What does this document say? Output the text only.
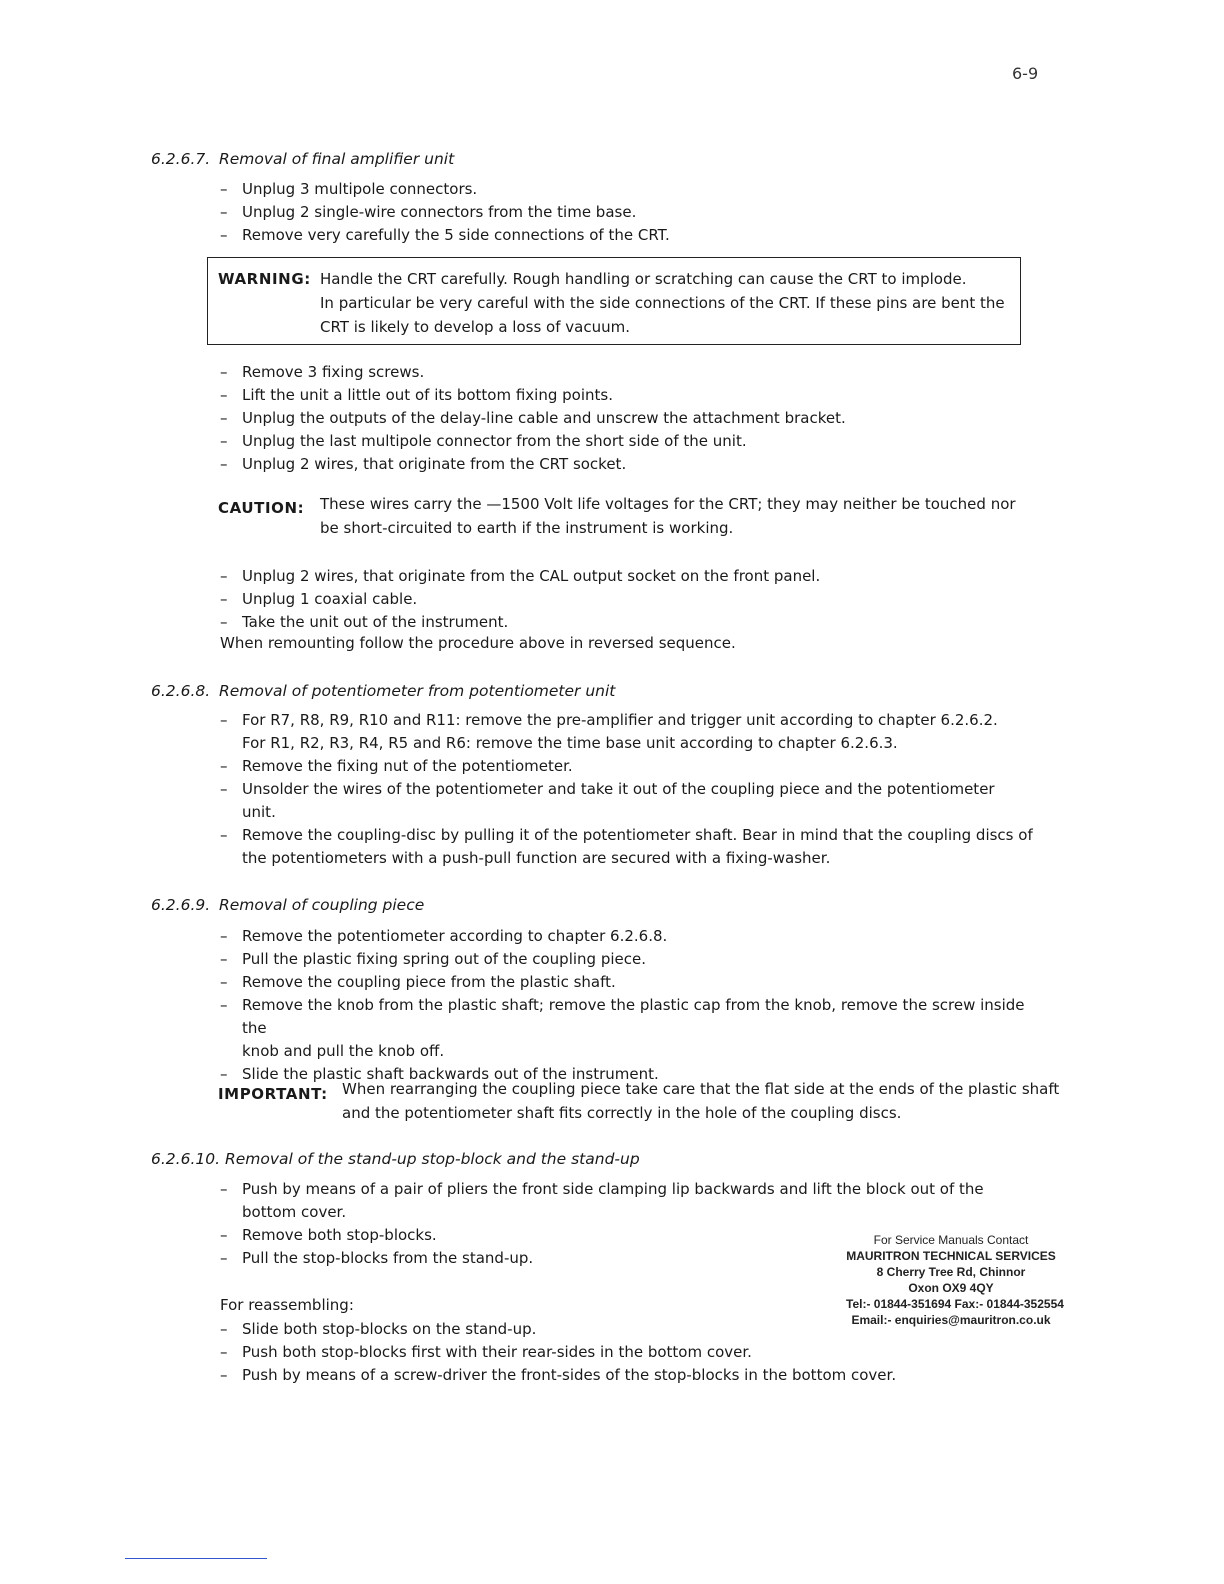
6-9
6.2.6.7. Removal of final amplifier unit
– Unplug 3 multipole connectors.
– Unplug 2 single-wire connectors from the time base.
– Remove very carefully the 5 side connections of the CRT.
WARNING: Handle the CRT carefully. Rough handling or scratching can cause the CRT to implode.
In particular be very careful with the side connections of the CRT. If these pins are bent the
CRT is likely to develop a loss of vacuum.
– Remove 3 fixing screws.
– Lift the unit a little out of its bottom fixing points.
– Unplug the outputs of the delay-line cable and unscrew the attachment bracket.
– Unplug the last multipole connector from the short side of the unit.
– Unplug 2 wires, that originate from the CRT socket.
CAUTION: These wires carry the —1500 Volt life voltages for the CRT; they may neither be touched nor
be short-circuited to earth if the instrument is working.
– Unplug 2 wires, that originate from the CAL output socket on the front panel.
– Unplug 1 coaxial cable.
– Take the unit out of the instrument.
When remounting follow the procedure above in reversed sequence.
6.2.6.8. Removal of potentiometer from potentiometer unit
– For R7, R8, R9, R10 and R11: remove the pre-amplifier and trigger unit according to chapter 6.2.6.2.
For R1, R2, R3, R4, R5 and R6: remove the time base unit according to chapter 6.2.6.3.
– Remove the fixing nut of the potentiometer.
– Unsolder the wires of the potentiometer and take it out of the coupling piece and the potentiometer
unit.
– Remove the coupling-disc by pulling it of the potentiometer shaft. Bear in mind that the coupling discs of
the potentiometers with a push-pull function are secured with a fixing-washer.
6.2.6.9. Removal of coupling piece
– Remove the potentiometer according to chapter 6.2.6.8.
– Pull the plastic fixing spring out of the coupling piece.
– Remove the coupling piece from the plastic shaft.
– Remove the knob from the plastic shaft; remove the plastic cap from the knob, remove the screw inside the
knob and pull the knob off.
– Slide the plastic shaft backwards out of the instrument.
IMPORTANT: When rearranging the coupling piece take care that the flat side at the ends of the plastic shaft
and the potentiometer shaft fits correctly in the hole of the coupling discs.
6.2.6.10. Removal of the stand-up stop-block and the stand-up
– Push by means of a pair of pliers the front side clamping lip backwards and lift the block out of the
bottom cover.
– Remove both stop-blocks.
– Pull the stop-blocks from the stand-up.
For reassembling:
– Slide both stop-blocks on the stand-up.
– Push both stop-blocks first with their rear-sides in the bottom cover.
– Push by means of a screw-driver the front-sides of the stop-blocks in the bottom cover.
For Service Manuals Contact
MAURITRON TECHNICAL SERVICES
8 Cherry Tree Rd, Chinnor
Oxon OX9 4QY
Tel:- 01844-351694 Fax:- 01844-352554
Email:- enquiries@mauritron.co.uk
